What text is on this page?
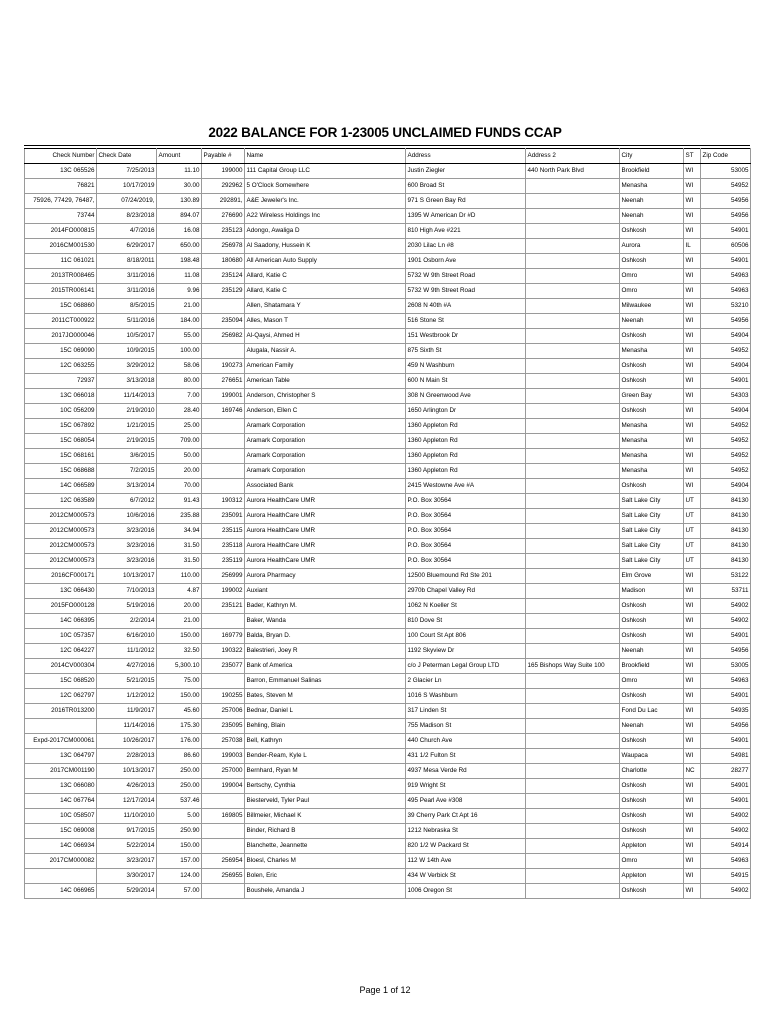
2022 BALANCE FOR 1-23005 UNCLAIMED FUNDS CCAP
Check Number	Check Date	Amount	Payable #	Name	Address	Address 2	City	ST	Zip Code
13C 065526	7/25/2013	11.10	199000	111 Capital Group LLC	Justin Ziegler	440 North Park Blvd	Brookfield	WI	53005
76821	10/17/2019	30.00	292962	5 O'Clock Somewhere	600 Broad St		Menasha	WI	54952
75926, 77429, 76487,	07/24/2019,	130.89	292891,	A&E Jeweler's Inc.	971 S Green Bay Rd		Neenah	WI	54956
73744	8/23/2018	894.07	276690	A22 Wireless Holdings Inc	1395 W American Dr #D		Neenah	WI	54956
2014FO000815	4/7/2016	16.08	235123	Adongo, Awaliga D	810 High Ave #221		Oshkosh	WI	54901
2016CM001530	6/29/2017	650.00	256978	Al Saadony, Hussein K	2030 Lilac Ln #8		Aurora	IL	60506
11C 061021	8/18/2011	198.48	180680	All American Auto Supply	1901 Osborn Ave		Oshkosh	WI	54901
2013TR008465	3/11/2016	11.08	235124	Allard, Katie C	5732 W 9th Street Road		Omro	WI	54963
2015TR006141	3/11/2016	9.96	235129	Allard, Katie C	5732 W 9th Street Road		Omro	WI	54963
15C 068860	8/5/2015	21.00		Allen, Shatamara Y	2608 N 40th #A		Milwaukee	WI	53210
2011CT000922	5/11/2016	184.00	235094	Alles, Mason T	516 Stone St		Neenah	WI	54956
2017JO000046	10/5/2017	55.00	256982	Al-Qaysi, Ahmed H	151 Westbrook Dr		Oshkosh	WI	54904
15C 069090	10/9/2015	100.00		Alugala, Nassir A.	875 Sixth St		Menasha	WI	54952
12C 063255	3/29/2012	58.06	190273	American Family	459 N Washburn		Oshkosh	WI	54904
72937	3/13/2018	80.00	276651	American Table	600 N Main St		Oshkosh	WI	54901
13C 066018	11/14/2013	7.00	199001	Anderson, Christopher S	308 N Greenwood Ave		Green Bay	WI	54303
10C 056209	2/19/2010	28.40	169746	Anderson, Ellen C	1650 Arlington Dr		Oshkosh	WI	54904
15C 067892	1/21/2015	25.00		Aramark Corporation	1360 Appleton Rd		Menasha	WI	54952
15C 068054	2/19/2015	709.00		Aramark Corporation	1360 Appleton Rd		Menasha	WI	54952
15C 068161	3/6/2015	50.00		Aramark Corporation	1360 Appleton Rd		Menasha	WI	54952
15C 068688	7/2/2015	20.00		Aramark Corporation	1360 Appleton Rd		Menasha	WI	54952
14C 066589	3/13/2014	70.00		Associated Bank	2415 Westowne Ave #A		Oshkosh	WI	54904
12C 063589	6/7/2012	91.43	190312	Aurora HealthCare UMR	P.O. Box 30564		Salt Lake City	UT	84130
2012CM000573	10/6/2016	235.88	235091	Aurora HealthCare UMR	P.O. Box 30564		Salt Lake City	UT	84130
2012CM000573	3/23/2016	34.94	235115	Aurora HealthCare UMR	P.O. Box 30564		Salt Lake City	UT	84130
2012CM000573	3/23/2016	31.50	235118	Aurora HealthCare UMR	P.O. Box 30564		Salt Lake City	UT	84130
2012CM000573	3/23/2016	31.50	235119	Aurora HealthCare UMR	P.O. Box 30564		Salt Lake City	UT	84130
2016CF000171	10/13/2017	110.00	256999	Aurora Pharmacy	12500 Bluemound Rd Ste 201		Elm Grove	WI	53122
13C 066430	7/10/2013	4.87	199002	Auxiant	2970b Chapel Valley Rd		Madison	WI	53711
2015FO000128	5/19/2016	20.00	235121	Bader, Kathryn M.	1062 N Koeller St		Oshkosh	WI	54902
14C 066395	2/2/2014	21.00		Baker, Wanda	810 Dove St		Oshkosh	WI	54902
10C 057357	6/16/2010	150.00	169779	Balda, Bryan D.	100 Court St Apt 806		Oshkosh	WI	54901
12C 064227	11/1/2012	32.50	190322	Balestrieri, Joey R	1192 Skyview Dr		Neenah	WI	54956
2014CV000304	4/27/2016	5,300.10	235077	Bank of America	c/o J Peterman Legal Group LTD	165 Bishops Way Suite 100	Brookfield	WI	53005
15C 068520	5/21/2015	75.00		Barron, Emmanuel Salinas	2 Glacier Ln		Omro	WI	54963
12C 062797	1/12/2012	150.00	190255	Bates, Steven M	1016 S Washburn		Oshkosh	WI	54901
2016TR013200	11/9/2017	45.60	257006	Bednar, Daniel L	317 Linden St		Fond Du Lac	WI	54935
	11/14/2016	175.30	235095	Behling, Blain	755 Madison St		Neenah	WI	54956
Expd-2017CM000061	10/26/2017	176.00	257038	Bell, Kathryn	440 Church Ave		Oshkosh	WI	54901
13C 064797	2/28/2013	86.60	199003	Bender-Ream, Kyle L	431 1/2 Fulton St		Waupaca	WI	54981
2017CM001190	10/13/2017	250.00	257000	Bernhard, Ryan M	4937 Mesa Verde Rd		Charlotte	NC	28277
13C 066080	4/26/2013	250.00	199004	Bertschy, Cynthia	919 Wright St		Oshkosh	WI	54901
14C 067764	12/17/2014	537.46		Biesterveld, Tyler Paul	495 Pearl Ave #308		Oshkosh	WI	54901
10C 058507	11/10/2010	5.00	169805	Billmeier, Michael K	39 Cherry Park Ct Apt 16		Oshkosh	WI	54902
15C 069008	9/17/2015	250.90		Binder, Richard B	1212 Nebraska St		Oshkosh	WI	54902
14C 066934	5/22/2014	150.00		Blanchette, Jeannette	820 1/2 W Packard St		Appleton	WI	54914
2017CM000082	3/23/2017	157.00	256954	Bloesl, Charles M	112 W 14th Ave		Omro	WI	54963
	3/30/2017	124.00	256955	Bolen, Eric	434 W Verbick St		Appleton	WI	54915
14C 066965	5/29/2014	57.00		Boushele, Amanda J	1006 Oregon St		Oshkosh	WI	54902
Page 1 of 12
